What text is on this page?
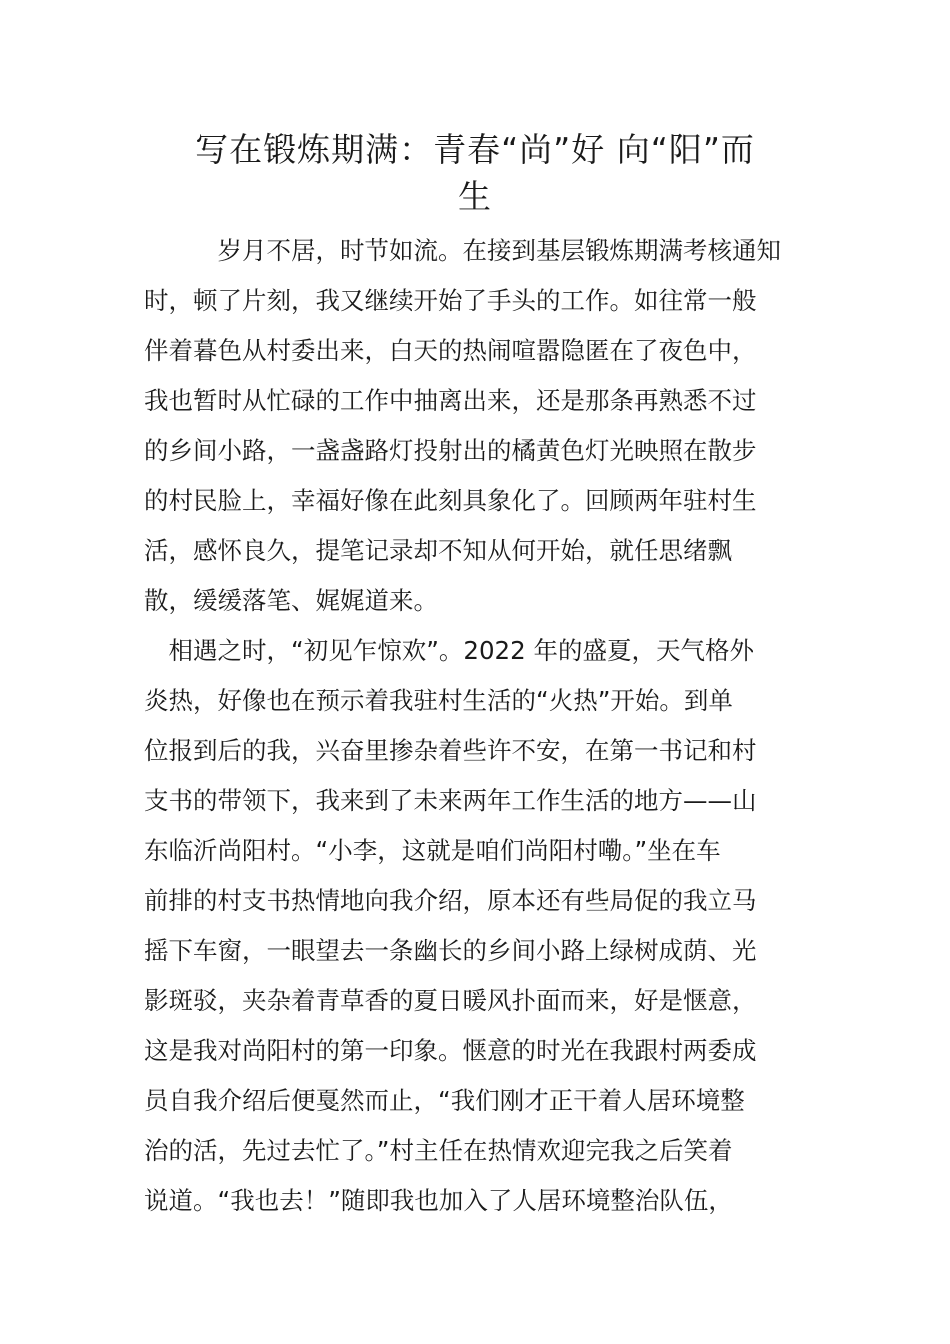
写在锻炼期满：青春“尚”好 向“阳”而
生

　　　岁月不居，时节如流。在接到基层锻炼期满考核通知

时，顿了片刻，我又继续开始了手头的工作。如往常一般

伴着暮色从村委出来，白天的热闹喧嚣隐匿在了夜色中，

我也暂时从忙碌的工作中抽离出来，还是那条再熟悉不过

的乡间小路，一盏盏路灯投射出的橘黄色灯光映照在散步

的村民脸上，幸福好像在此刻具象化了。回顾两年驻村生

活，感怀良久，提笔记录却不知从何开始，就任思绪飘

散，缓缓落笔、娓娓道来。

　相遇之时，“初见乍惊欢”。2022 年的盛夏，天气格外

炎热，好像也在预示着我驻村生活的“火热”开始。到单

位报到后的我，兴奋里掺杂着些许不安，在第一书记和村

支书的带领下，我来到了未来两年工作生活的地方——山

东临沂尚阳村。“小李，这就是咱们尚阳村嘞。”坐在车

前排的村支书热情地向我介绍，原本还有些局促的我立马

摇下车窗，一眼望去一条幽长的乡间小路上绿树成荫、光

影斑驳，夹杂着青草香的夏日暖风扑面而来，好是惬意，

这是我对尚阳村的第一印象。惬意的时光在我跟村两委成

员自我介绍后便戛然而止，“我们刚才正干着人居环境整

治的活，先过去忙了。”村主任在热情欢迎完我之后笑着

说道。“我也去！”随即我也加入了人居环境整治队伍，
